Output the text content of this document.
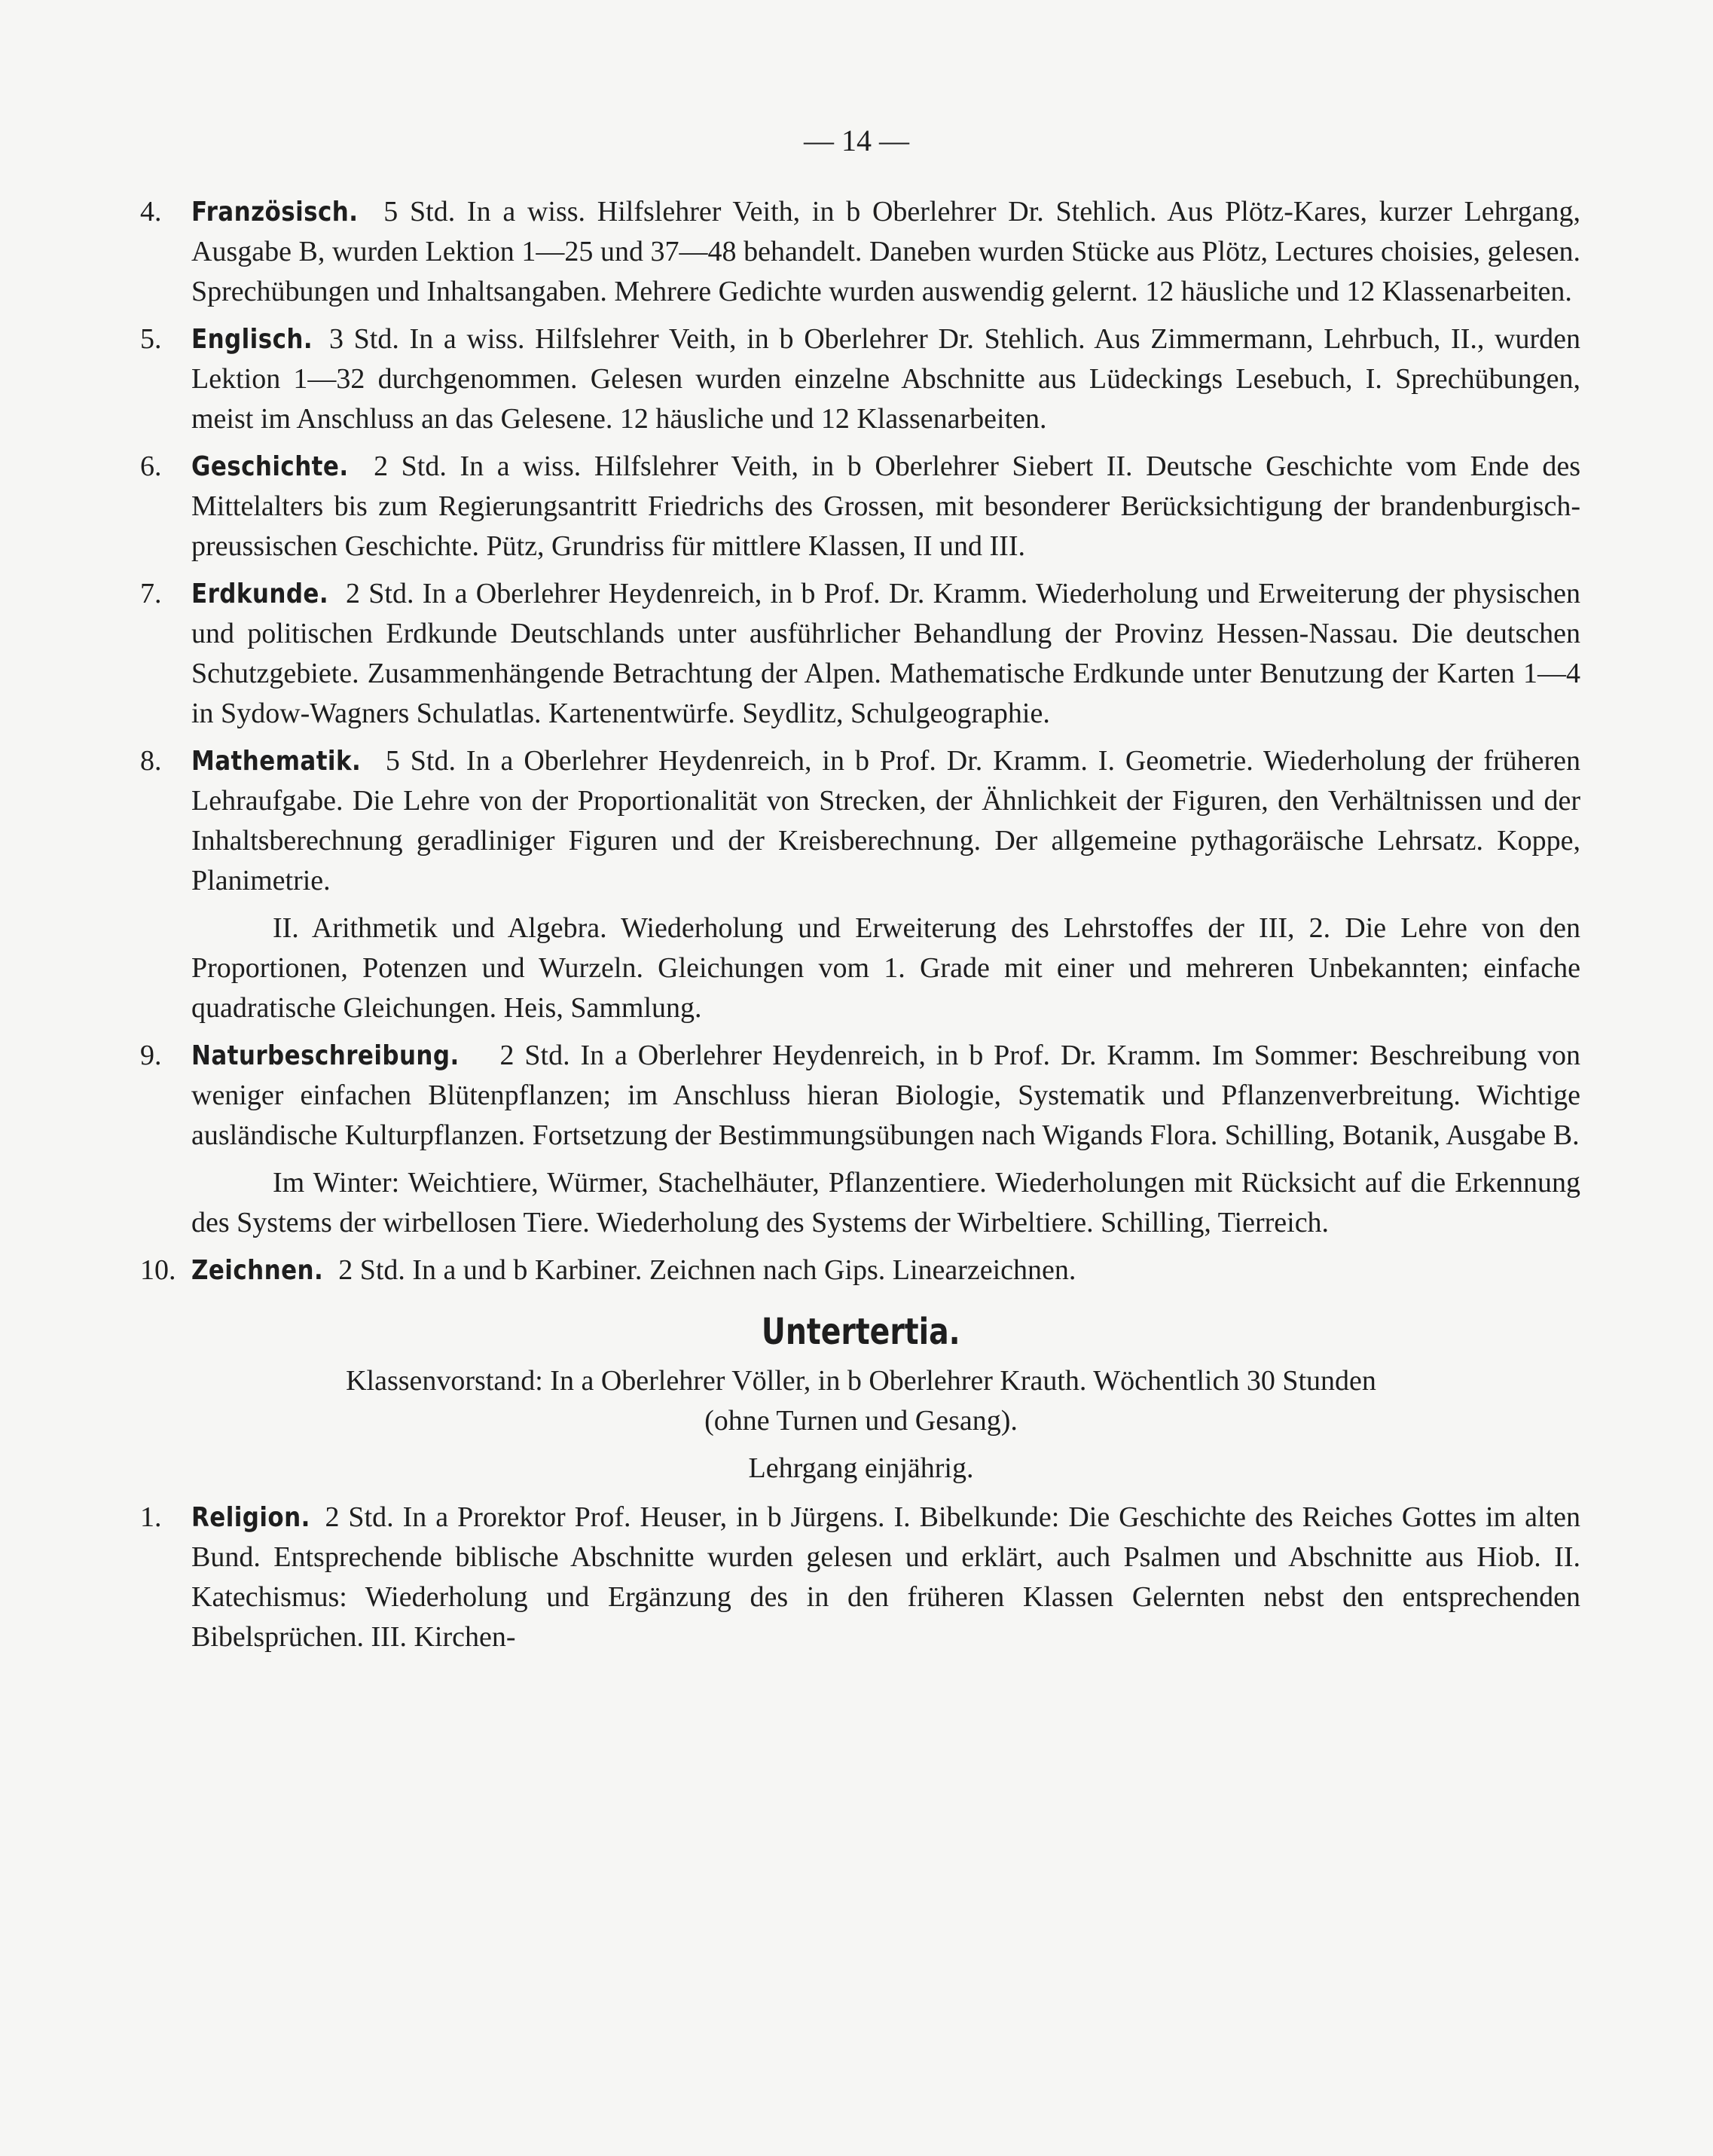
— 14 —
4. Französisch. 5 Std. In a wiss. Hilfslehrer Veith, in b Oberlehrer Dr. Stehlich. Aus Plötz-Kares, kurzer Lehrgang, Ausgabe B, wurden Lektion 1—25 und 37—48 behandelt. Daneben wurden Stücke aus Plötz, Lectures choisies, gelesen. Sprechübungen und Inhaltsangaben. Mehrere Gedichte wurden auswendig gelernt. 12 häusliche und 12 Klassenarbeiten.

5. Englisch. 3 Std. In a wiss. Hilfslehrer Veith, in b Oberlehrer Dr. Stehlich. Aus Zimmermann, Lehrbuch, II., wurden Lektion 1—32 durchgenommen. Gelesen wurden einzelne Abschnitte aus Lüdeckings Lesebuch, I. Sprechübungen, meist im Anschluss an das Gelesene. 12 häusliche und 12 Klassenarbeiten.

6. Geschichte. 2 Std. In a wiss. Hilfslehrer Veith, in b Oberlehrer Siebert II. Deutsche Geschichte vom Ende des Mittelalters bis zum Regierungsantritt Friedrichs des Grossen, mit besonderer Berücksichtigung der brandenburgisch-preussischen Geschichte. Pütz, Grundriss für mittlere Klassen, II und III.

7. Erdkunde. 2 Std. In a Oberlehrer Heydenreich, in b Prof. Dr. Kramm. Wiederholung und Erweiterung der physischen und politischen Erdkunde Deutschlands unter ausführlicher Behandlung der Provinz Hessen-Nassau. Die deutschen Schutzgebiete. Zusammenhängende Betrachtung der Alpen. Mathematische Erdkunde unter Benutzung der Karten 1—4 in Sydow-Wagners Schulatlas. Kartenentwürfe. Seydlitz, Schulgeographie.

8. Mathematik. 5 Std. In a Oberlehrer Heydenreich, in b Prof. Dr. Kramm. I. Geometrie. Wiederholung der früheren Lehraufgabe. Die Lehre von der Proportionalität von Strecken, der Ähnlichkeit der Figuren, den Verhältnissen und der Inhaltsberechnung geradliniger Figuren und der Kreisberechnung. Der allgemeine pythagoräische Lehrsatz. Koppe, Planimetrie.

II. Arithmetik und Algebra. Wiederholung und Erweiterung des Lehrstoffes der III, 2. Die Lehre von den Proportionen, Potenzen und Wurzeln. Gleichungen vom 1. Grade mit einer und mehreren Unbekannten; einfache quadratische Gleichungen. Heis, Sammlung.

9. Naturbeschreibung. 2 Std. In a Oberlehrer Heydenreich, in b Prof. Dr. Kramm. Im Sommer: Beschreibung von weniger einfachen Blütenpflanzen; im Anschluss hieran Biologie, Systematik und Pflanzenverbreitung. Wichtige ausländische Kulturpflanzen. Fortsetzung der Bestimmungsübungen nach Wigands Flora. Schilling, Botanik, Ausgabe B.

Im Winter: Weichtiere, Würmer, Stachelhäuter, Pflanzentiere. Wiederholungen mit Rücksicht auf die Erkennung des Systems der wirbellosen Tiere. Wiederholung des Systems der Wirbeltiere. Schilling, Tierreich.

10. Zeichnen. 2 Std. In a und b Karbiner. Zeichnen nach Gips. Linearzeichnen.

Untertertia.

Klassenvorstand: In a Oberlehrer Völler, in b Oberlehrer Krauth. Wöchentlich 30 Stunden

(ohne Turnen und Gesang).

Lehrgang einjährig.

1. Religion. 2 Std. In a Prorektor Prof. Heuser, in b Jürgens. I. Bibelkunde: Die Geschichte des Reiches Gottes im alten Bund. Entsprechende biblische Abschnitte wurden gelesen und erklärt, auch Psalmen und Abschnitte aus Hiob. II. Katechismus: Wiederholung und Ergänzung des in den früheren Klassen Gelernten nebst den entsprechenden Bibelsprüchen. III. Kirchen-
